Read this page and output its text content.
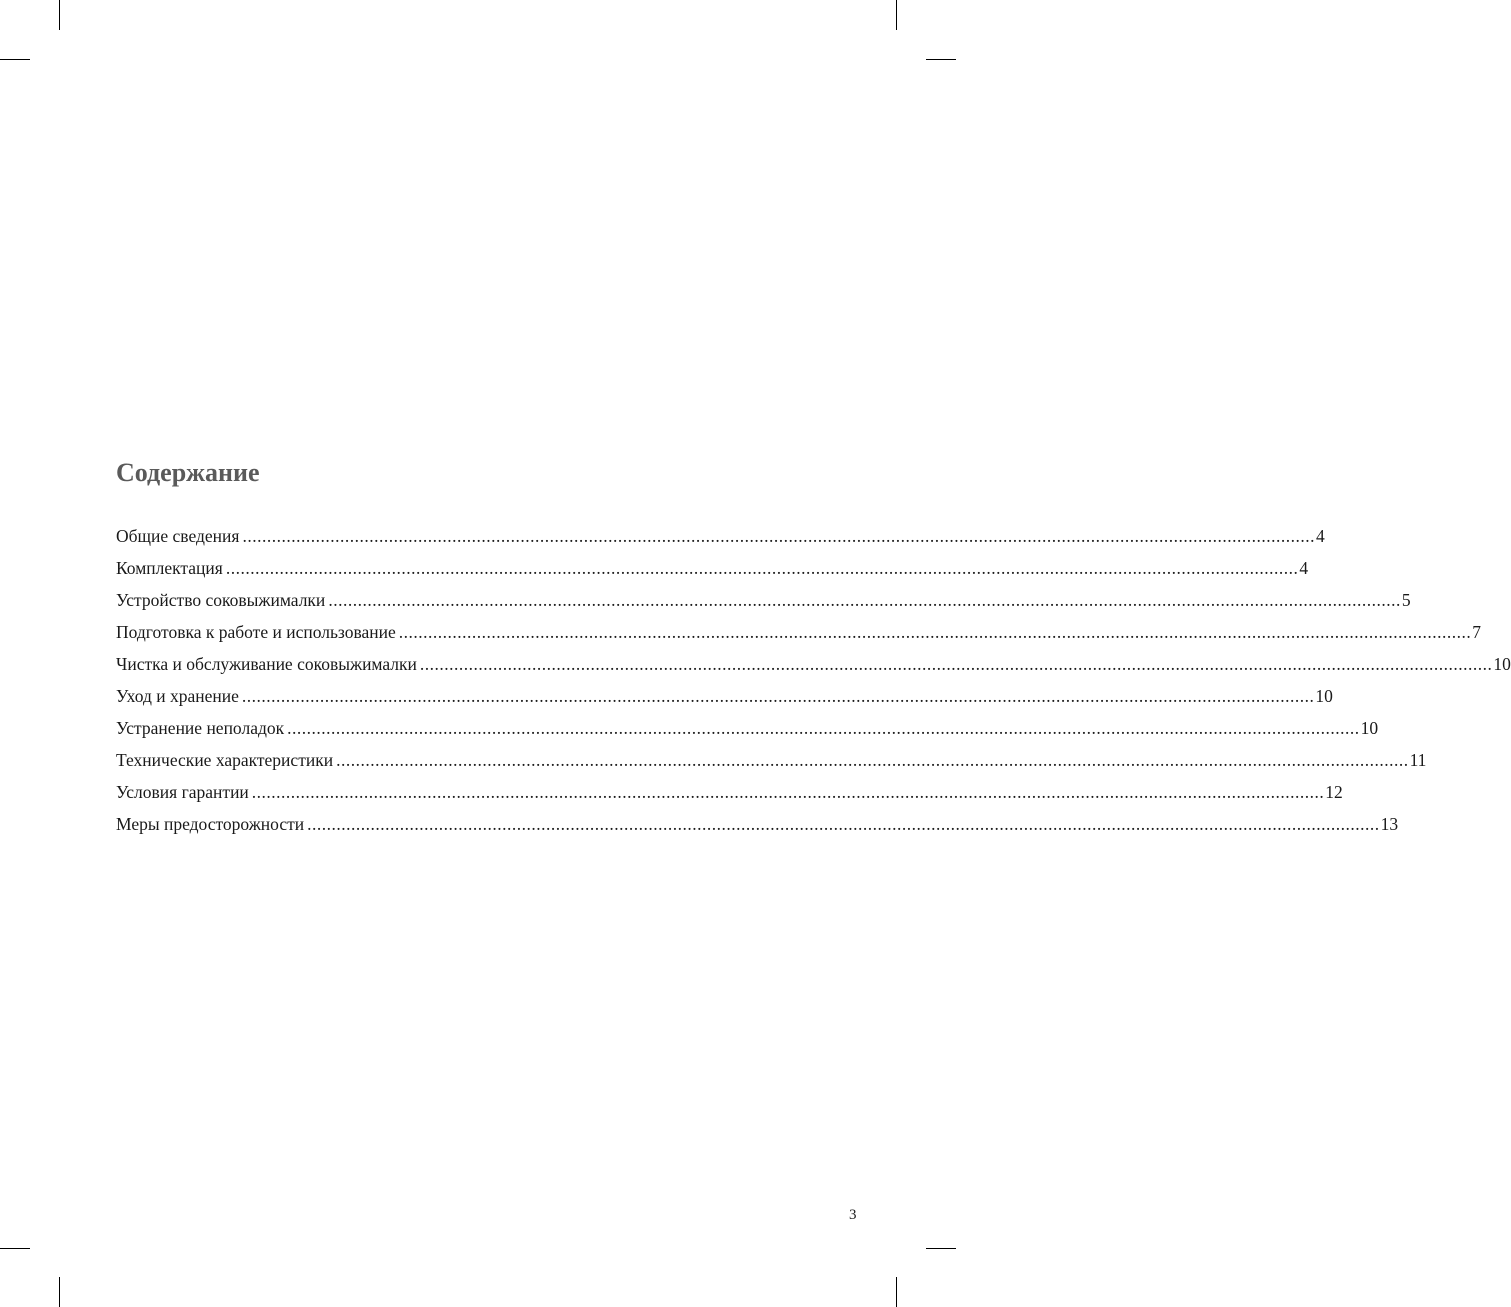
Содержание
Общие сведения ............................................................................................................................................................................................................................ 4
Комплектация ............................................................................................................................................................................................................................ 4
Устройство соковыжималки ............................................................................................................................................................................................................................ 5
Подготовка к работе и использование ............................................................................................................................................................................................................................ 7
Чистка и обслуживание соковыжималки ............................................................................................................................................................................................................................ 10
Уход и хранение ............................................................................................................................................................................................................................ 10
Устранение неполадок ............................................................................................................................................................................................................................ 10
Технические характеристики ............................................................................................................................................................................................................................ 11
Условия гарантии ............................................................................................................................................................................................................................ 12
Меры предосторожности ............................................................................................................................................................................................................................ 13
3
